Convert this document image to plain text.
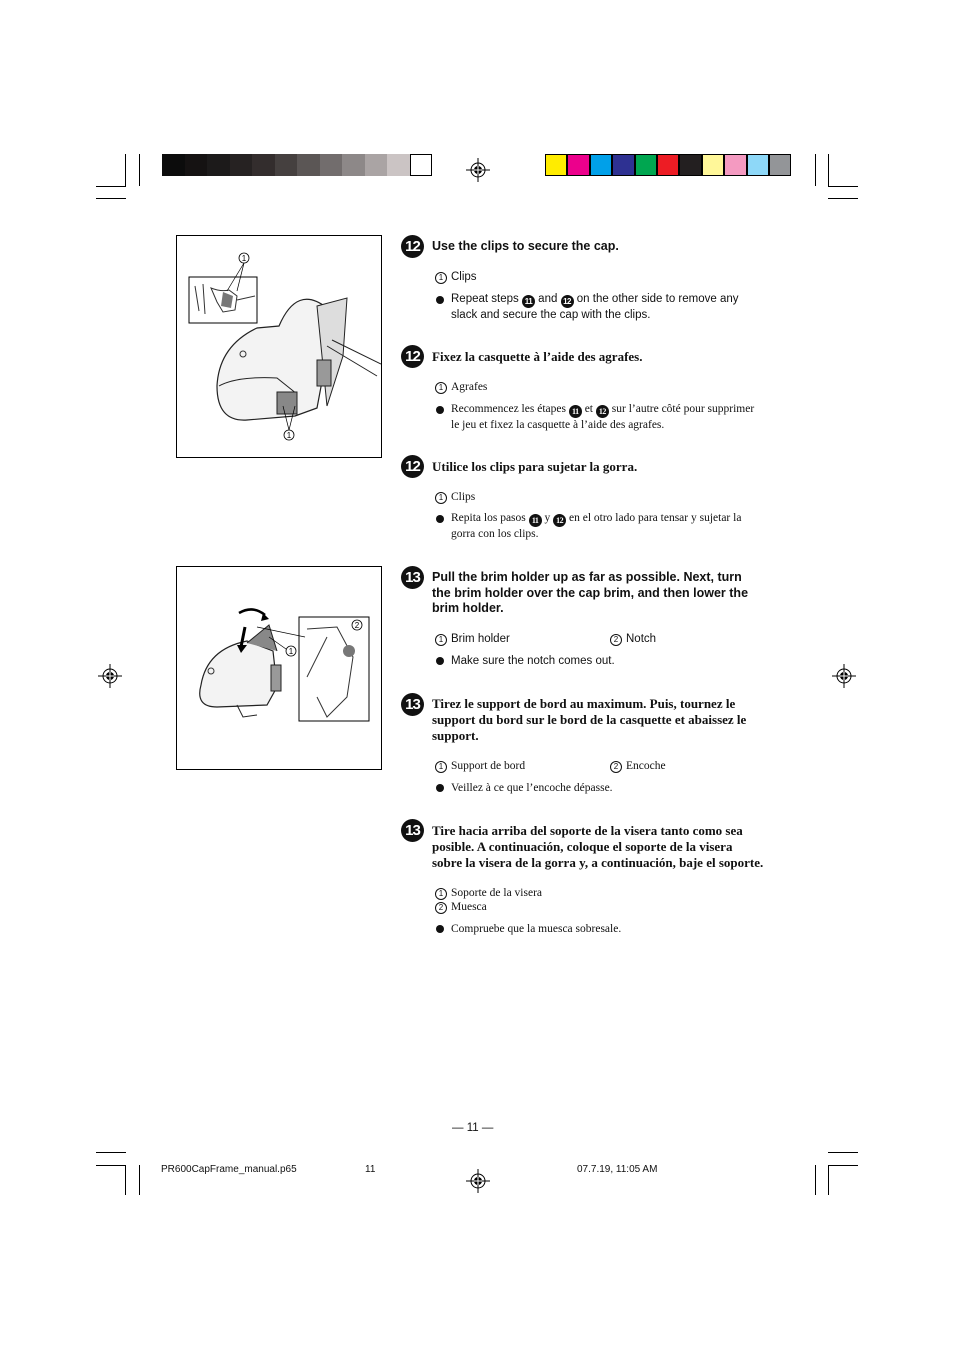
1
1
2
1
12 Use the clips to secure the cap.
1 Clips
Repeat steps 11 and 12 on the other side to remove any
slack and secure the cap with the clips.
12 Fixez la casquette à l’aide des agrafes.
1 Agrafes
Recommencez les étapes 11 et 12 sur l’autre côté pour supprimer
le jeu et fixez la casquette à l’aide des agrafes.
12 Utilice los clips para sujetar la gorra.
1 Clips
Repita los pasos 11 y 12 en el otro lado para tensar y sujetar la
gorra con los clips.
13 Pull the brim holder up as far as possible. Next, turn
the brim holder over the cap brim, and then lower the
brim holder.
1 Brim holder	2 Notch
Make sure the notch comes out.
13 Tirez le support de bord au maximum. Puis, tournez le
support du bord sur le bord de la casquette et abaissez le
support.
1 Support de bord	2 Encoche
Veillez à ce que l’encoche dépasse.
13 Tire hacia arriba del soporte de la visera tanto como sea
posible. A continuación, coloque el soporte de la visera
sobre la visera de la gorra y, a continuación, baje el soporte.
1 Soporte de la visera
2 Muesca
Compruebe que la muesca sobresale.
— 11 —
PR600CapFrame_manual.p65	11	07.7.19, 11:05 AM
